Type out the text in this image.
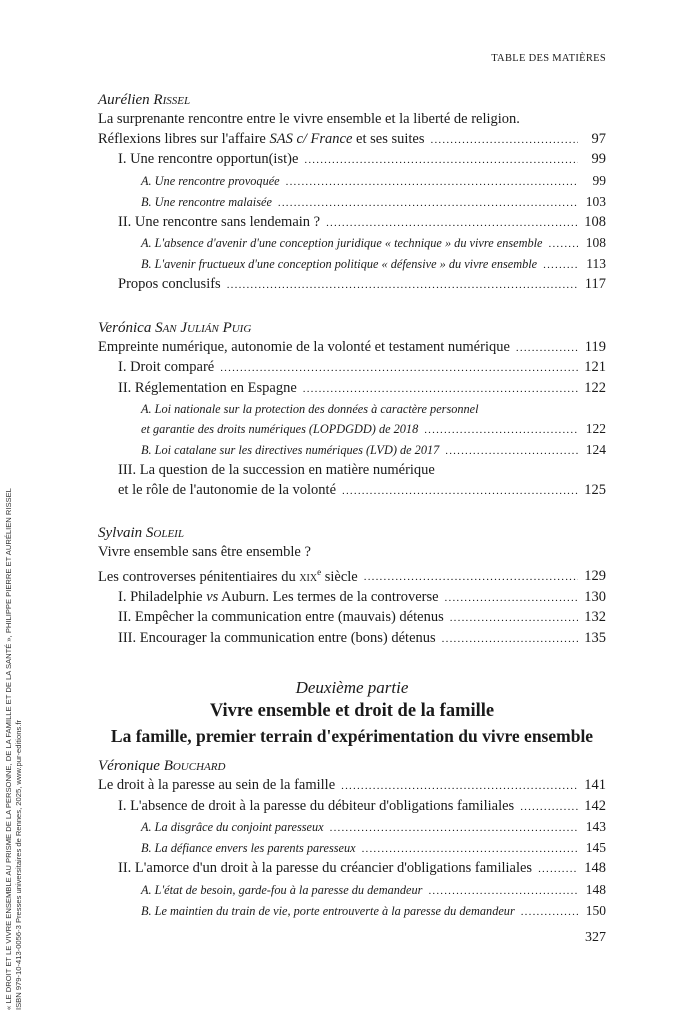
TABLE DES MATIÈRES
« LE DROIT ET LE VIVRE ENSEMBLE AU PRISME DE LA PERSONNE, DE LA FAMILLE ET DE LA SANTÉ », PHILIPPE PIERRE ET AURÉLIEN RISSEL ISBN 979-10-413-0056-3 Presses universitaires de Rennes, 2025, www.pur-editions.fr
Aurélien Rissel
La surprenante rencontre entre le vivre ensemble et la liberté de religion.
Réflexions libres sur l'affaire SAS c/ France et ses suites .....	97
I. Une rencontre opportun(ist)e .....	99
A. Une rencontre provoquée .....	99
B. Une rencontre malaisée .....	103
II. Une rencontre sans lendemain ? .....	108
A. L'absence d'avenir d'une conception juridique « technique » du vivre ensemble .....	108
B. L'avenir fructueux d'une conception politique « défensive » du vivre ensemble .....	113
Propos conclusifs .....	117
Verónica San Julián Puig
Empreinte numérique, autonomie de la volonté et testament numérique .....	119
I. Droit comparé .....	121
II. Réglementation en Espagne .....	122
A. Loi nationale sur la protection des données à caractère personnel
et garantie des droits numériques (LOPDGDD) de 2018 .....	122
B. Loi catalane sur les directives numériques (LVD) de 2017 .....	124
III. La question de la succession en matière numérique
et le rôle de l'autonomie de la volonté .....	125
Sylvain Soleil
Vivre ensemble sans être ensemble ?
Les controverses pénitentiaires du xix$^e$ siècle .....	129
I. Philadelphie vs Auburn. Les termes de la controverse .....	130
II. Empêcher la communication entre (mauvais) détenus .....	132
III. Encourager la communication entre (bons) détenus .....	135
Deuxième partie
Vivre ensemble et droit de la famille
La famille, premier terrain d'expérimentation du vivre ensemble
Véronique Bouchard
Le droit à la paresse au sein de la famille .....	141
I. L'absence de droit à la paresse du débiteur d'obligations familiales .....	142
A. La disgrâce du conjoint paresseux .....	143
B. La défiance envers les parents paresseux .....	145
II. L'amorce d'un droit à la paresse du créancier d'obligations familiales .....	148
A. L'état de besoin, garde-fou à la paresse du demandeur .....	148
B. Le maintien du train de vie, porte entrouverte à la paresse du demandeur .....	150
327
